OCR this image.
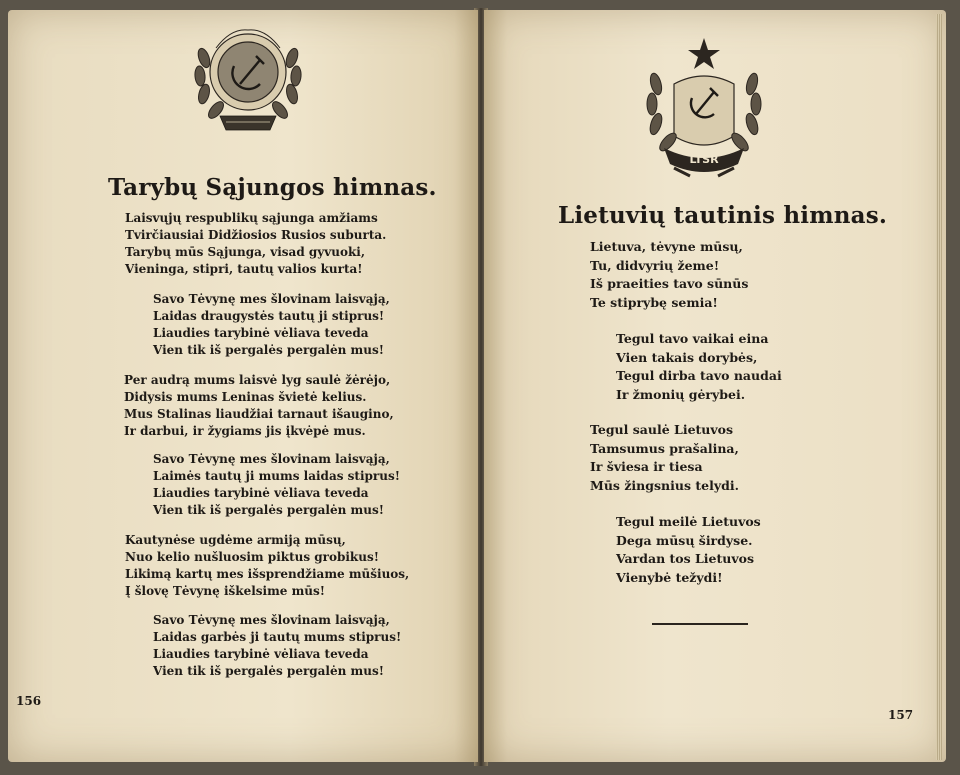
Tarybų Sąjungos himnas.
Laisvųjų respublikų sąjunga amžiams
Tvirčiausiai Didžiosios Rusios suburta.
Tarybų mūs Sąjunga, visad gyvuoki,
Vieninga, stipri, tautų valios kurta!
Savo Tėvynę mes šlovinam laisvąją,
Laidas draugystės tautų ji stiprus!
Liaudies tarybinė vėliava teveda
Vien tik iš pergalės pergalėn mus!
Per audrą mums laisvė lyg saulė žėrėjo,
Didysis mums Leninas švietė kelius.
Mus Stalinas liaudžiai tarnaut išaugino,
Ir darbui, ir žygiams jis įkvėpė mus.
Savo Tėvynę mes šlovinam laisvąją,
Laimės tautų ji mums laidas stiprus!
Liaudies tarybinė vėliava teveda
Vien tik iš pergalės pergalėn mus!
Kautynėse ugdėme armiją mūsų,
Nuo kelio nušluosim piktus grobikus!
Likimą kartų mes išsprendžiame mūšiuos,
Į šlovę Tėvynę iškelsime mūs!
Savo Tėvynę mes šlovinam laisvąją,
Laidas garbės ji tautų mums stiprus!
Liaudies tarybinė vėliava teveda
Vien tik iš pergalės pergalėn mus!
156
LTSR
Lietuvių tautinis himnas.
Lietuva, tėvyne mūsų,
Tu, didvyrių žeme!
Iš praeities tavo sūnūs
Te stiprybę semia!
Tegul tavo vaikai eina
Vien takais dorybės,
Tegul dirba tavo naudai
Ir žmonių gėrybei.
Tegul saulė Lietuvos
Tamsumus prašalina,
Ir šviesa ir tiesa
Mūs žingsnius telydi.
Tegul meilė Lietuvos
Dega mūsų širdyse.
Vardan tos Lietuvos
Vienybė težydi!
157
